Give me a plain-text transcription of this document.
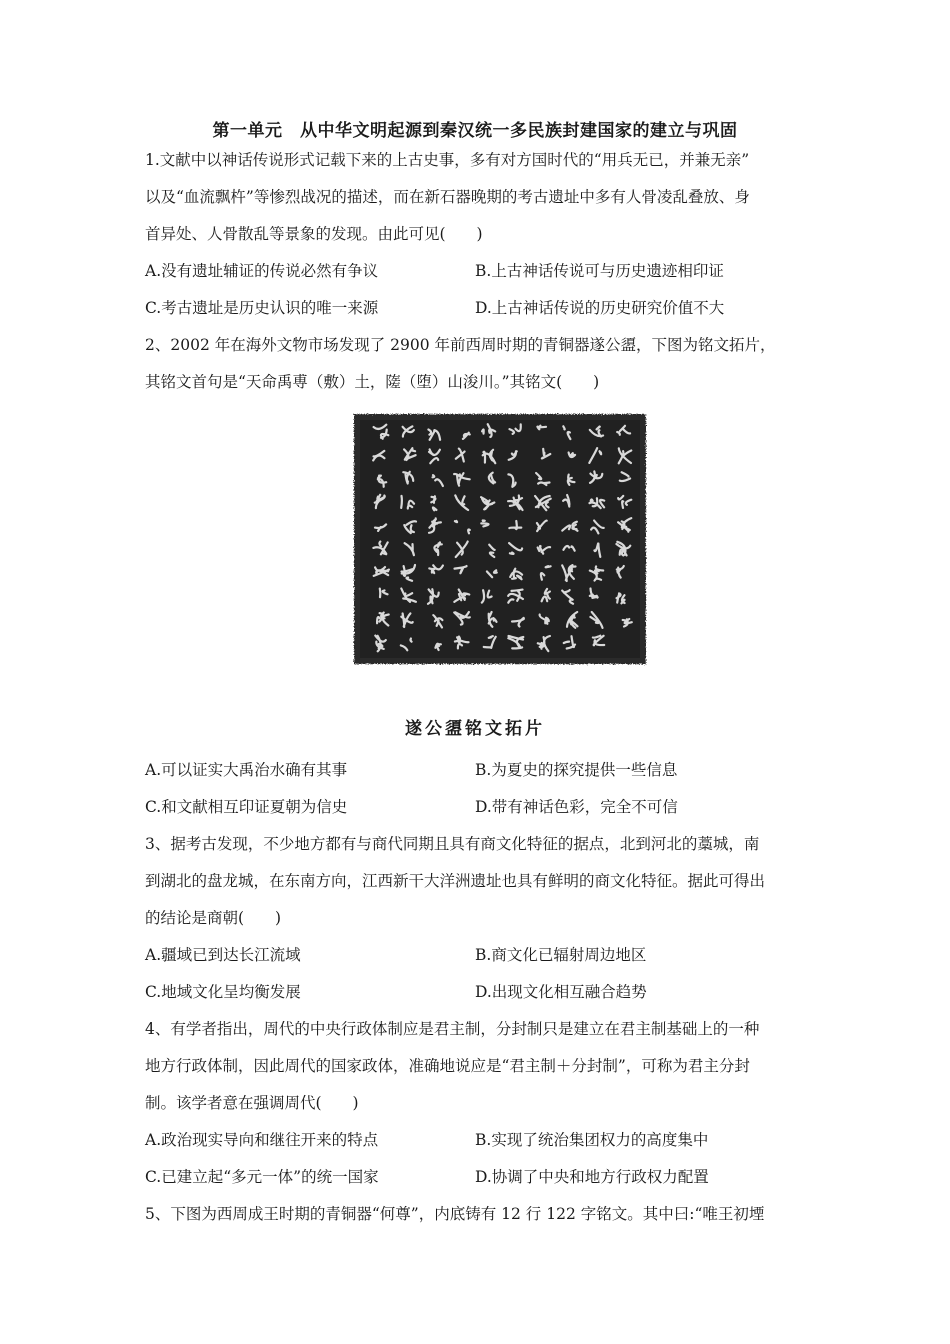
第一单元　从中华文明起源到秦汉统一多民族封建国家的建立与巩固
1.文献中以神话传说形式记载下来的上古史事，多有对方国时代的“用兵无已，并兼无亲”
以及“血流飘杵”等惨烈战况的描述，而在新石器晚期的考古遗址中多有人骨凌乱叠放、身
首异处、人骨散乱等景象的发现。由此可见(　　)
A.没有遗址辅证的传说必然有争议	B.上古神话传说可与历史遗迹相印证
C.考古遗址是历史认识的唯一来源	D.上古神话传说的历史研究价值不大
2、2002 年在海外文物市场发现了 2900 年前西周时期的青铜器遂公盨，下图为铭文拓片，
其铭文首句是“天命禹尃（敷）土，隓（堕）山浚川。”其铭文(　　)
遂公盨铭文拓片
A.可以证实大禹治水确有其事	B.为夏史的探究提供一些信息
C.和文献相互印证夏朝为信史	D.带有神话色彩，完全不可信
3、据考古发现，不少地方都有与商代同期且具有商文化特征的据点，北到河北的藁城，南
到湖北的盘龙城，在东南方向，江西新干大洋洲遗址也具有鲜明的商文化特征。据此可得出
的结论是商朝(　　)
A.疆域已到达长江流域	B.商文化已辐射周边地区
C.地域文化呈均衡发展	D.出现文化相互融合趋势
4、有学者指出，周代的中央行政体制应是君主制，分封制只是建立在君主制基础上的一种
地方行政体制，因此周代的国家政体，准确地说应是“君主制＋分封制”，可称为君主分封
制。该学者意在强调周代(　　)
A.政治现实导向和继往开来的特点	B.实现了统治集团权力的高度集中
C.已建立起“多元一体”的统一国家	D.协调了中央和地方行政权力配置
5、下图为西周成王时期的青铜器“何尊”，内底铸有 12 行 122 字铭文。其中曰:“唯王初堙
